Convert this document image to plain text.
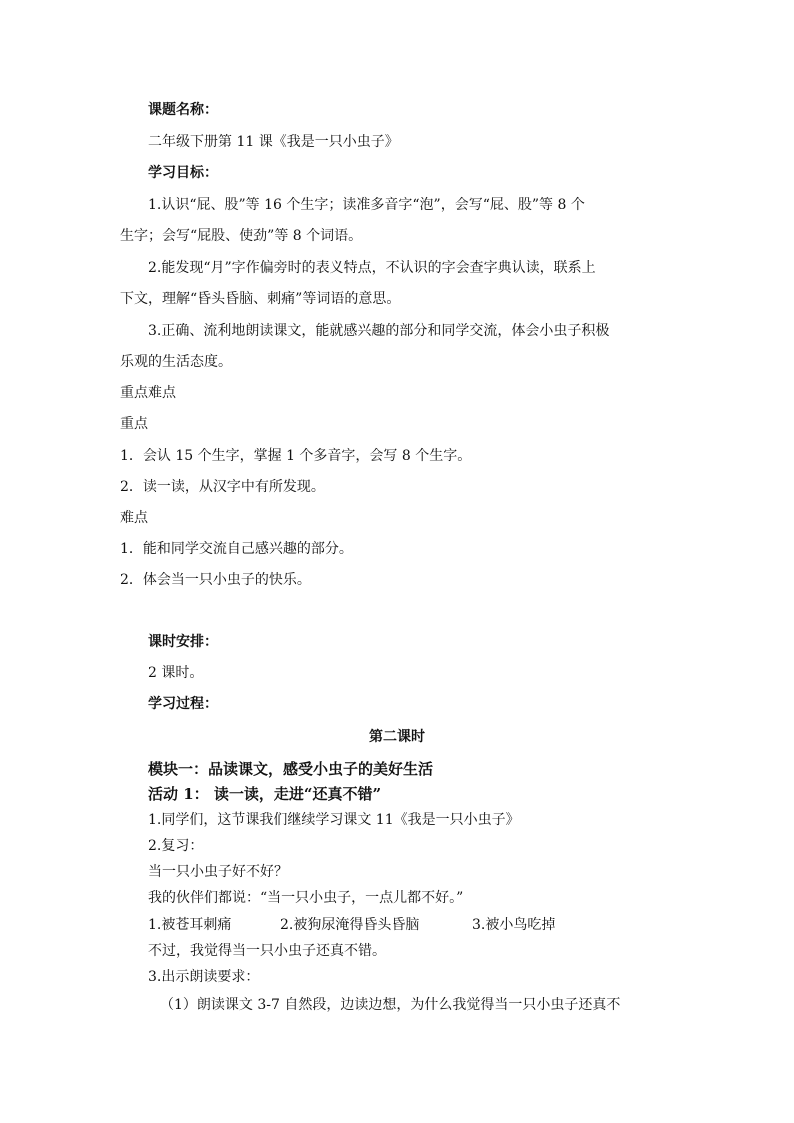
课题名称：
二年级下册第 11 课《我是一只小虫子》
学习目标：
1.认识“屁、股”等 16 个生字；读准多音字“泡”，会写“屁、股”等 8 个
生字；会写“屁股、使劲”等 8 个词语。
2.能发现“月”字作偏旁时的表义特点，不认识的字会查字典认读，联系上
下文，理解“昏头昏脑、刺痛”等词语的意思。
3.正确、流利地朗读课文，能就感兴趣的部分和同学交流，体会小虫子积极
乐观的生活态度。
重点难点
重点
1．会认 15 个生字，掌握 1 个多音字，会写 8 个生字。
2．读一读，从汉字中有所发现。
难点
1．能和同学交流自己感兴趣的部分。
2．体会当一只小虫子的快乐。
课时安排：
2 课时。
学习过程：
第二课时
模块一：品读课文，感受小虫子的美好生活
活动 1： 读一读，走进“还真不错”
1.同学们，这节课我们继续学习课文 11《我是一只小虫子》
2.复习：
当一只小虫子好不好？
我的伙伴们都说：“当一只小虫子，一点儿都不好。”
1.被苍耳刺痛	2.被狗尿淹得昏头昏脑	3.被小鸟吃掉
不过，我觉得当一只小虫子还真不错。
3.出示朗读要求：
（1）朗读课文 3-7 自然段，边读边想，为什么我觉得当一只小虫子还真不
